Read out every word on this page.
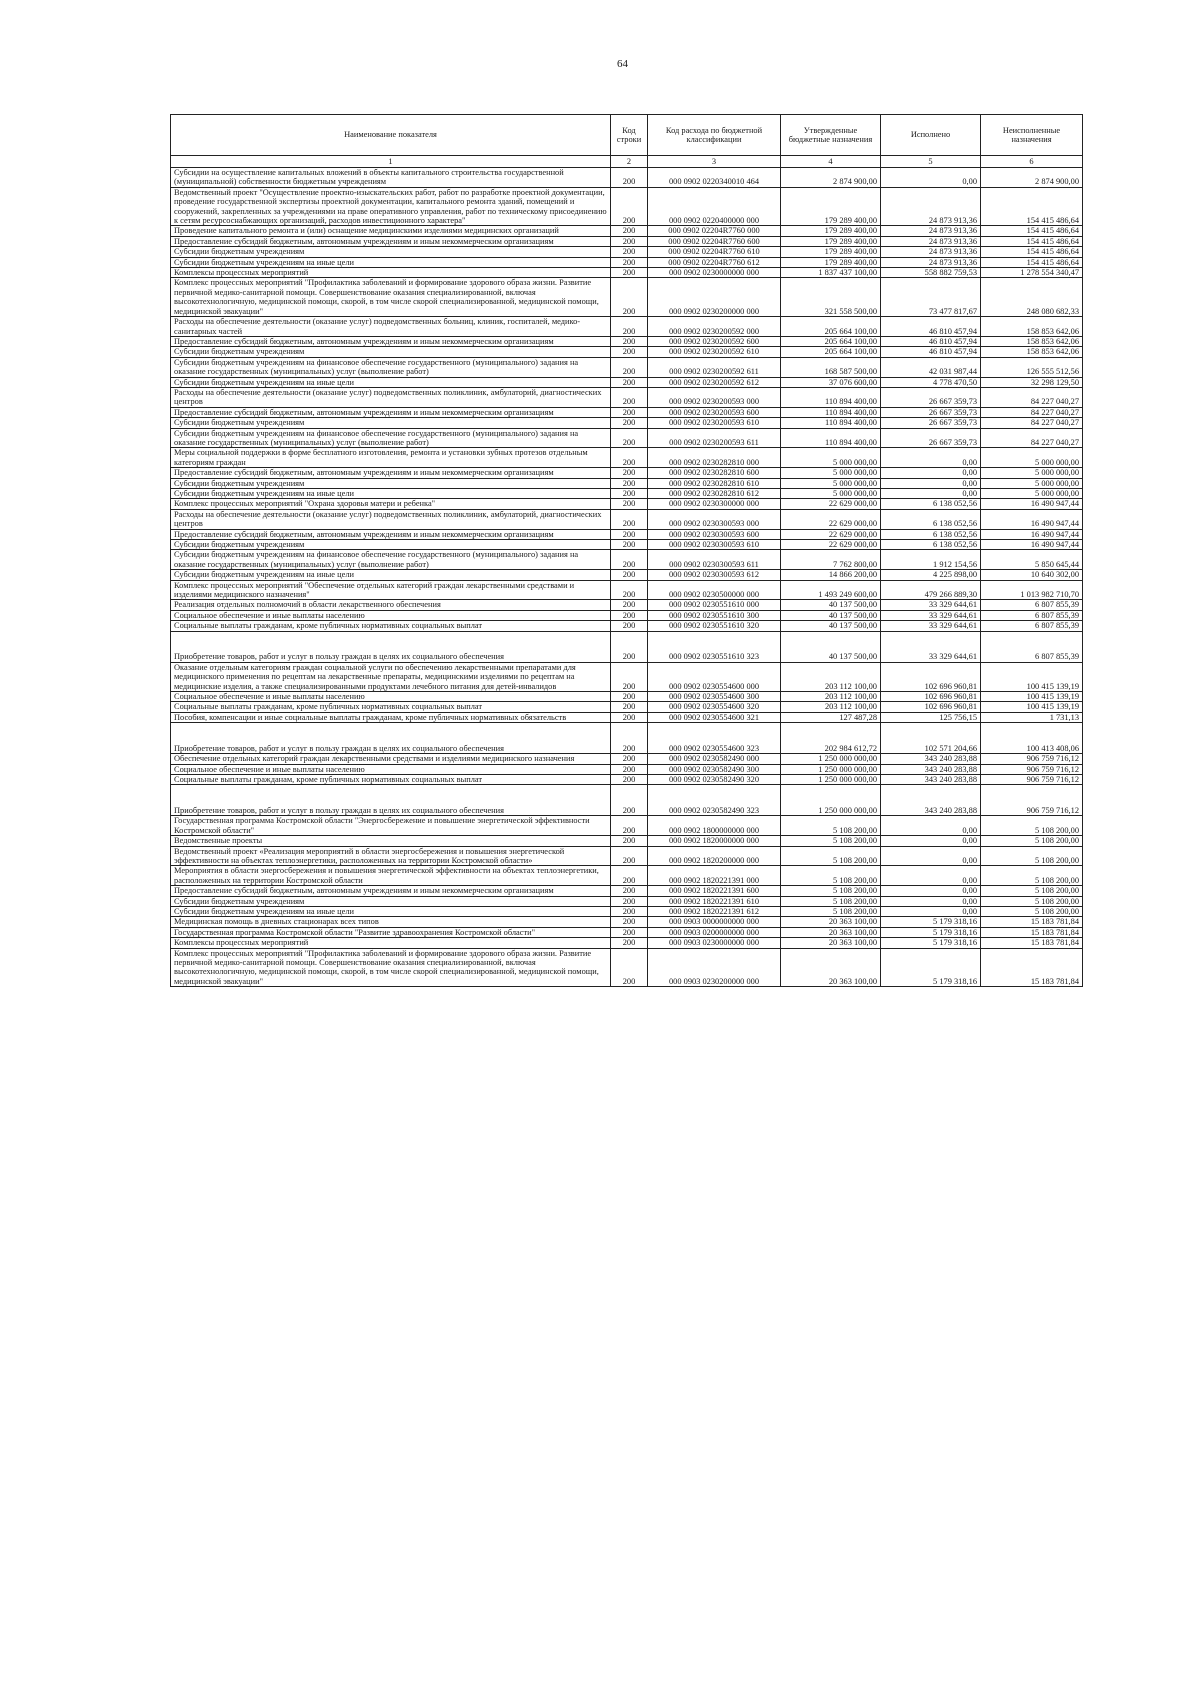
64
Наименование показателя	Код строки	Код расхода по бюджетной классификации	Утвержденные бюджетные назначения	Исполнено	Неисполненные назначения
1	2	3	4	5	6
Субсидии на осуществление капитальных вложений в объекты капитального строительства государственной (муниципальной) собственности бюджетным учреждениям	200	000 0902 0220340010 464	2 874 900,00	0,00	2 874 900,00
Ведомственный проект "Осуществление проектно-изыскательских работ, работ по разработке проектной документации, проведение государственной экспертизы проектной документации, капитального ремонта зданий, помещений и сооружений, закрепленных за учреждениями на праве оперативного управления, работ по техническому присоединению к сетям ресурсоснабжающих организаций, расходов инвестиционного характера"	200	000 0902 0220400000 000	179 289 400,00	24 873 913,36	154 415 486,64
Проведение капитального ремонта и (или) оснащение медицинскими изделиями медицинских организаций	200	000 0902 02204R7760 000	179 289 400,00	24 873 913,36	154 415 486,64
Предоставление субсидий бюджетным, автономным учреждениям и иным некоммерческим организациям	200	000 0902 02204R7760 600	179 289 400,00	24 873 913,36	154 415 486,64
Субсидии бюджетным учреждениям	200	000 0902 02204R7760 610	179 289 400,00	24 873 913,36	154 415 486,64
Субсидии бюджетным учреждениям на иные цели	200	000 0902 02204R7760 612	179 289 400,00	24 873 913,36	154 415 486,64
Комплексы процессных мероприятий	200	000 0902 0230000000 000	1 837 437 100,00	558 882 759,53	1 278 554 340,47
Комплекс процессных мероприятий "Профилактика заболеваний и формирование здорового образа жизни. Развитие первичной медико-санитарной помощи. Совершенствование оказания специализированной, включая высокотехнологичную, медицинской помощи, скорой, в том числе скорой специализированной, медицинской помощи, медицинской эвакуации"	200	000 0902 0230200000 000	321 558 500,00	73 477 817,67	248 080 682,33
Расходы на обеспечение деятельности (оказание услуг) подведомственных больниц, клиник, госпиталей, медико-санитарных частей	200	000 0902 0230200592 000	205 664 100,00	46 810 457,94	158 853 642,06
Предоставление субсидий бюджетным, автономным учреждениям и иным некоммерческим организациям	200	000 0902 0230200592 600	205 664 100,00	46 810 457,94	158 853 642,06
Субсидии бюджетным учреждениям	200	000 0902 0230200592 610	205 664 100,00	46 810 457,94	158 853 642,06
Субсидии бюджетным учреждениям на финансовое обеспечение государственного (муниципального) задания на оказание государственных (муниципальных) услуг (выполнение работ)	200	000 0902 0230200592 611	168 587 500,00	42 031 987,44	126 555 512,56
Субсидии бюджетным учреждениям на иные цели	200	000 0902 0230200592 612	37 076 600,00	4 778 470,50	32 298 129,50
Расходы на обеспечение деятельности (оказание услуг) подведомственных поликлиник, амбулаторий, диагностических центров	200	000 0902 0230200593 000	110 894 400,00	26 667 359,73	84 227 040,27
Предоставление субсидий бюджетным, автономным учреждениям и иным некоммерческим организациям	200	000 0902 0230200593 600	110 894 400,00	26 667 359,73	84 227 040,27
Субсидии бюджетным учреждениям	200	000 0902 0230200593 610	110 894 400,00	26 667 359,73	84 227 040,27
Субсидии бюджетным учреждениям на финансовое обеспечение государственного (муниципального) задания на оказание государственных (муниципальных) услуг (выполнение работ)	200	000 0902 0230200593 611	110 894 400,00	26 667 359,73	84 227 040,27
Меры социальной поддержки в форме бесплатного изготовления, ремонта и установки зубных протезов отдельным категориям граждан	200	000 0902 0230282810 000	5 000 000,00	0,00	5 000 000,00
Предоставление субсидий бюджетным, автономным учреждениям и иным некоммерческим организациям	200	000 0902 0230282810 600	5 000 000,00	0,00	5 000 000,00
Субсидии бюджетным учреждениям	200	000 0902 0230282810 610	5 000 000,00	0,00	5 000 000,00
Субсидии бюджетным учреждениям на иные цели	200	000 0902 0230282810 612	5 000 000,00	0,00	5 000 000,00
Комплекс процессных мероприятий "Охрана здоровья матери и ребенка"	200	000 0902 0230300000 000	22 629 000,00	6 138 052,56	16 490 947,44
Расходы на обеспечение деятельности (оказание услуг) подведомственных поликлиник, амбулаторий, диагностических центров	200	000 0902 0230300593 000	22 629 000,00	6 138 052,56	16 490 947,44
Предоставление субсидий бюджетным, автономным учреждениям и иным некоммерческим организациям	200	000 0902 0230300593 600	22 629 000,00	6 138 052,56	16 490 947,44
Субсидии бюджетным учреждениям	200	000 0902 0230300593 610	22 629 000,00	6 138 052,56	16 490 947,44
Субсидии бюджетным учреждениям на финансовое обеспечение государственного (муниципального) задания на оказание государственных (муниципальных) услуг (выполнение работ)	200	000 0902 0230300593 611	7 762 800,00	1 912 154,56	5 850 645,44
Субсидии бюджетным учреждениям на иные цели	200	000 0902 0230300593 612	14 866 200,00	4 225 898,00	10 640 302,00
Комплекс процессных мероприятий "Обеспечение отдельных категорий граждан лекарственными средствами и изделиями медицинского назначения"	200	000 0902 0230500000 000	1 493 249 600,00	479 266 889,30	1 013 982 710,70
Реализация отдельных полномочий в области лекарственного обеспечения	200	000 0902 0230551610 000	40 137 500,00	33 329 644,61	6 807 855,39
Социальное обеспечение и иные выплаты населению	200	000 0902 0230551610 300	40 137 500,00	33 329 644,61	6 807 855,39
Социальные выплаты гражданам, кроме публичных нормативных социальных выплат	200	000 0902 0230551610 320	40 137 500,00	33 329 644,61	6 807 855,39
Приобретение товаров, работ и услуг в пользу граждан в целях их социального обеспечения	200	000 0902 0230551610 323	40 137 500,00	33 329 644,61	6 807 855,39
Оказание отдельным категориям граждан социальной услуги по обеспечению лекарственными препаратами для медицинского применения по рецептам на лекарственные препараты, медицинскими изделиями по рецептам на медицинские изделия, а также специализированными продуктами лечебного питания для детей-инвалидов	200	000 0902 0230554600 000	203 112 100,00	102 696 960,81	100 415 139,19
Социальное обеспечение и иные выплаты населению	200	000 0902 0230554600 300	203 112 100,00	102 696 960,81	100 415 139,19
Социальные выплаты гражданам, кроме публичных нормативных социальных выплат	200	000 0902 0230554600 320	203 112 100,00	102 696 960,81	100 415 139,19
Пособия, компенсации и иные социальные выплаты гражданам, кроме публичных нормативных обязательств	200	000 0902 0230554600 321	127 487,28	125 756,15	1 731,13
Приобретение товаров, работ и услуг в пользу граждан в целях их социального обеспечения	200	000 0902 0230554600 323	202 984 612,72	102 571 204,66	100 413 408,06
Обеспечение отдельных категорий граждан лекарственными средствами и изделиями медицинского назначения	200	000 0902 0230582490 000	1 250 000 000,00	343 240 283,88	906 759 716,12
Социальное обеспечение и иные выплаты населению	200	000 0902 0230582490 300	1 250 000 000,00	343 240 283,88	906 759 716,12
Социальные выплаты гражданам, кроме публичных нормативных социальных выплат	200	000 0902 0230582490 320	1 250 000 000,00	343 240 283,88	906 759 716,12
Приобретение товаров, работ и услуг в пользу граждан в целях их социального обеспечения	200	000 0902 0230582490 323	1 250 000 000,00	343 240 283,88	906 759 716,12
Государственная программа Костромской области "Энергосбережение и повышение энергетической эффективности Костромской области"	200	000 0902 1800000000 000	5 108 200,00	0,00	5 108 200,00
Ведомственные проекты	200	000 0902 1820000000 000	5 108 200,00	0,00	5 108 200,00
Ведомственный проект «Реализация мероприятий в области энергосбережения и повышения энергетической эффективности на объектах теплоэнергетики, расположенных на территории Костромской области»	200	000 0902 1820200000 000	5 108 200,00	0,00	5 108 200,00
Мероприятия в области энергосбережения и повышения энергетической эффективности на объектах теплоэнергетики, расположенных на территории Костромской области	200	000 0902 1820221391 000	5 108 200,00	0,00	5 108 200,00
Предоставление субсидий бюджетным, автономным учреждениям и иным некоммерческим организациям	200	000 0902 1820221391 600	5 108 200,00	0,00	5 108 200,00
Субсидии бюджетным учреждениям	200	000 0902 1820221391 610	5 108 200,00	0,00	5 108 200,00
Субсидии бюджетным учреждениям на иные цели	200	000 0902 1820221391 612	5 108 200,00	0,00	5 108 200,00
Медицинская помощь в дневных стационарах всех типов	200	000 0903 0000000000 000	20 363 100,00	5 179 318,16	15 183 781,84
Государственная программа Костромской области "Развитие здравоохранения Костромской области"	200	000 0903 0200000000 000	20 363 100,00	5 179 318,16	15 183 781,84
Комплексы процессных мероприятий	200	000 0903 0230000000 000	20 363 100,00	5 179 318,16	15 183 781,84
Комплекс процессных мероприятий "Профилактика заболеваний и формирование здорового образа жизни. Развитие первичной медико-санитарной помощи. Совершенствование оказания специализированной, включая высокотехнологичную, медицинской помощи, скорой, в том числе скорой специализированной, медицинской помощи, медицинской эвакуации"	200	000 0903 0230200000 000	20 363 100,00	5 179 318,16	15 183 781,84
